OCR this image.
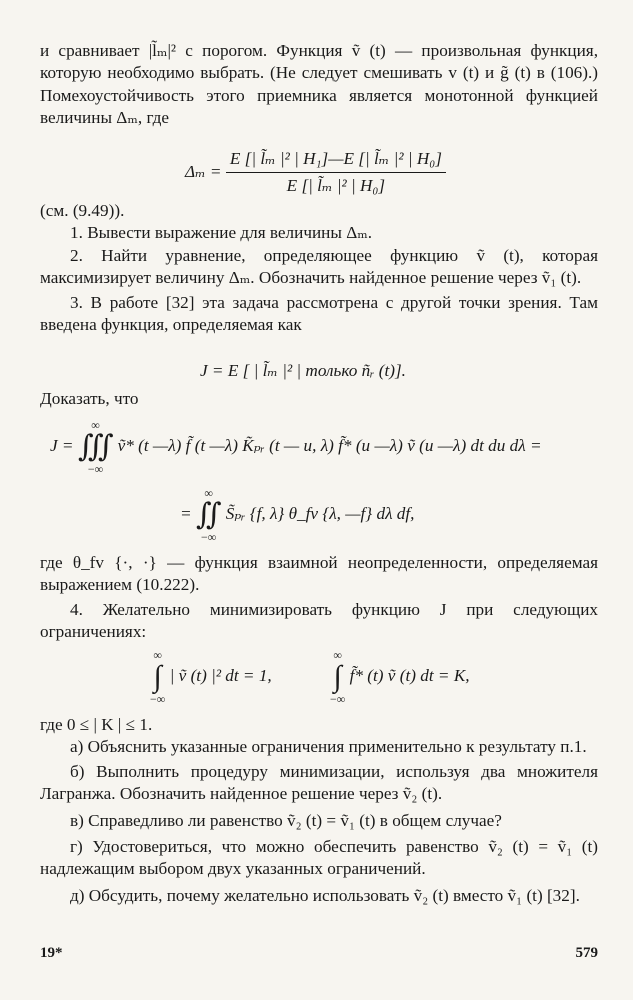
и сравнивает |l̃ₘ|² с порогом. Функция ṽ (t) — произвольная функция, которую необходимо выбрать. (Не следует смешивать v (t) и g̃ (t) в (106).) Помехоустойчивость этого приемника является монотонной функцией величины Δₘ, где

$\Delta_m = \frac{\text{E [| l̃ₘ |² | H₁]—E [| l̃ₘ |² | H₀]}}{\text{E [| l̃ₘ |² | H₀]}}$

(см. (9.49)).

1. Вывести выражение для величины Δₘ.

2. Найти уравнение, определяющее функцию ṽ (t), которая максимизирует величину Δₘ. Обозначить найденное решение через ṽ₁ (t).

3. В работе [32] эта задача рассмотрена с другой точки зрения. Там введена функция, определяемая как

J = E [ | l̃ₘ |² | только ñᵣ (t)].

Доказать, что

J =
∞
∭
−∞
ṽ* (t —λ) f̃ (t —λ) K̃ₚᵣ (t — u, λ) f̃* (u —λ) ṽ (u —λ) dt du dλ =
=
∞
∬
−∞
S̃ₚᵣ {f, λ} θ_fv {λ, —f} dλ df,

где θ_fv {·, ·} — функция взаимной неопределенности, определяемая выражением (10.222).

4. Желательно минимизировать функцию J при следующих ограничениях:

∞
∫
−∞
| ṽ (t) |² dt = 1,
∞
∫
−∞
f̃* (t) ṽ (t) dt = K,

где 0 ≤ | K | ≤ 1.

а) Объяснить указанные ограничения применительно к результату п.1.

б) Выполнить процедуру минимизации, используя два множителя Лагранжа. Обозначить найденное решение через ṽ₂ (t).

в) Справедливо ли равенство ṽ₂ (t) = ṽ₁ (t) в общем случае?

г) Удостовериться, что можно обеспечить равенство ṽ₂ (t) = ṽ₁ (t) надлежащим выбором двух указанных ограничений.

д) Обсудить, почему желательно использовать ṽ₂ (t) вместо ṽ₁ (t) [32].

19*	579
